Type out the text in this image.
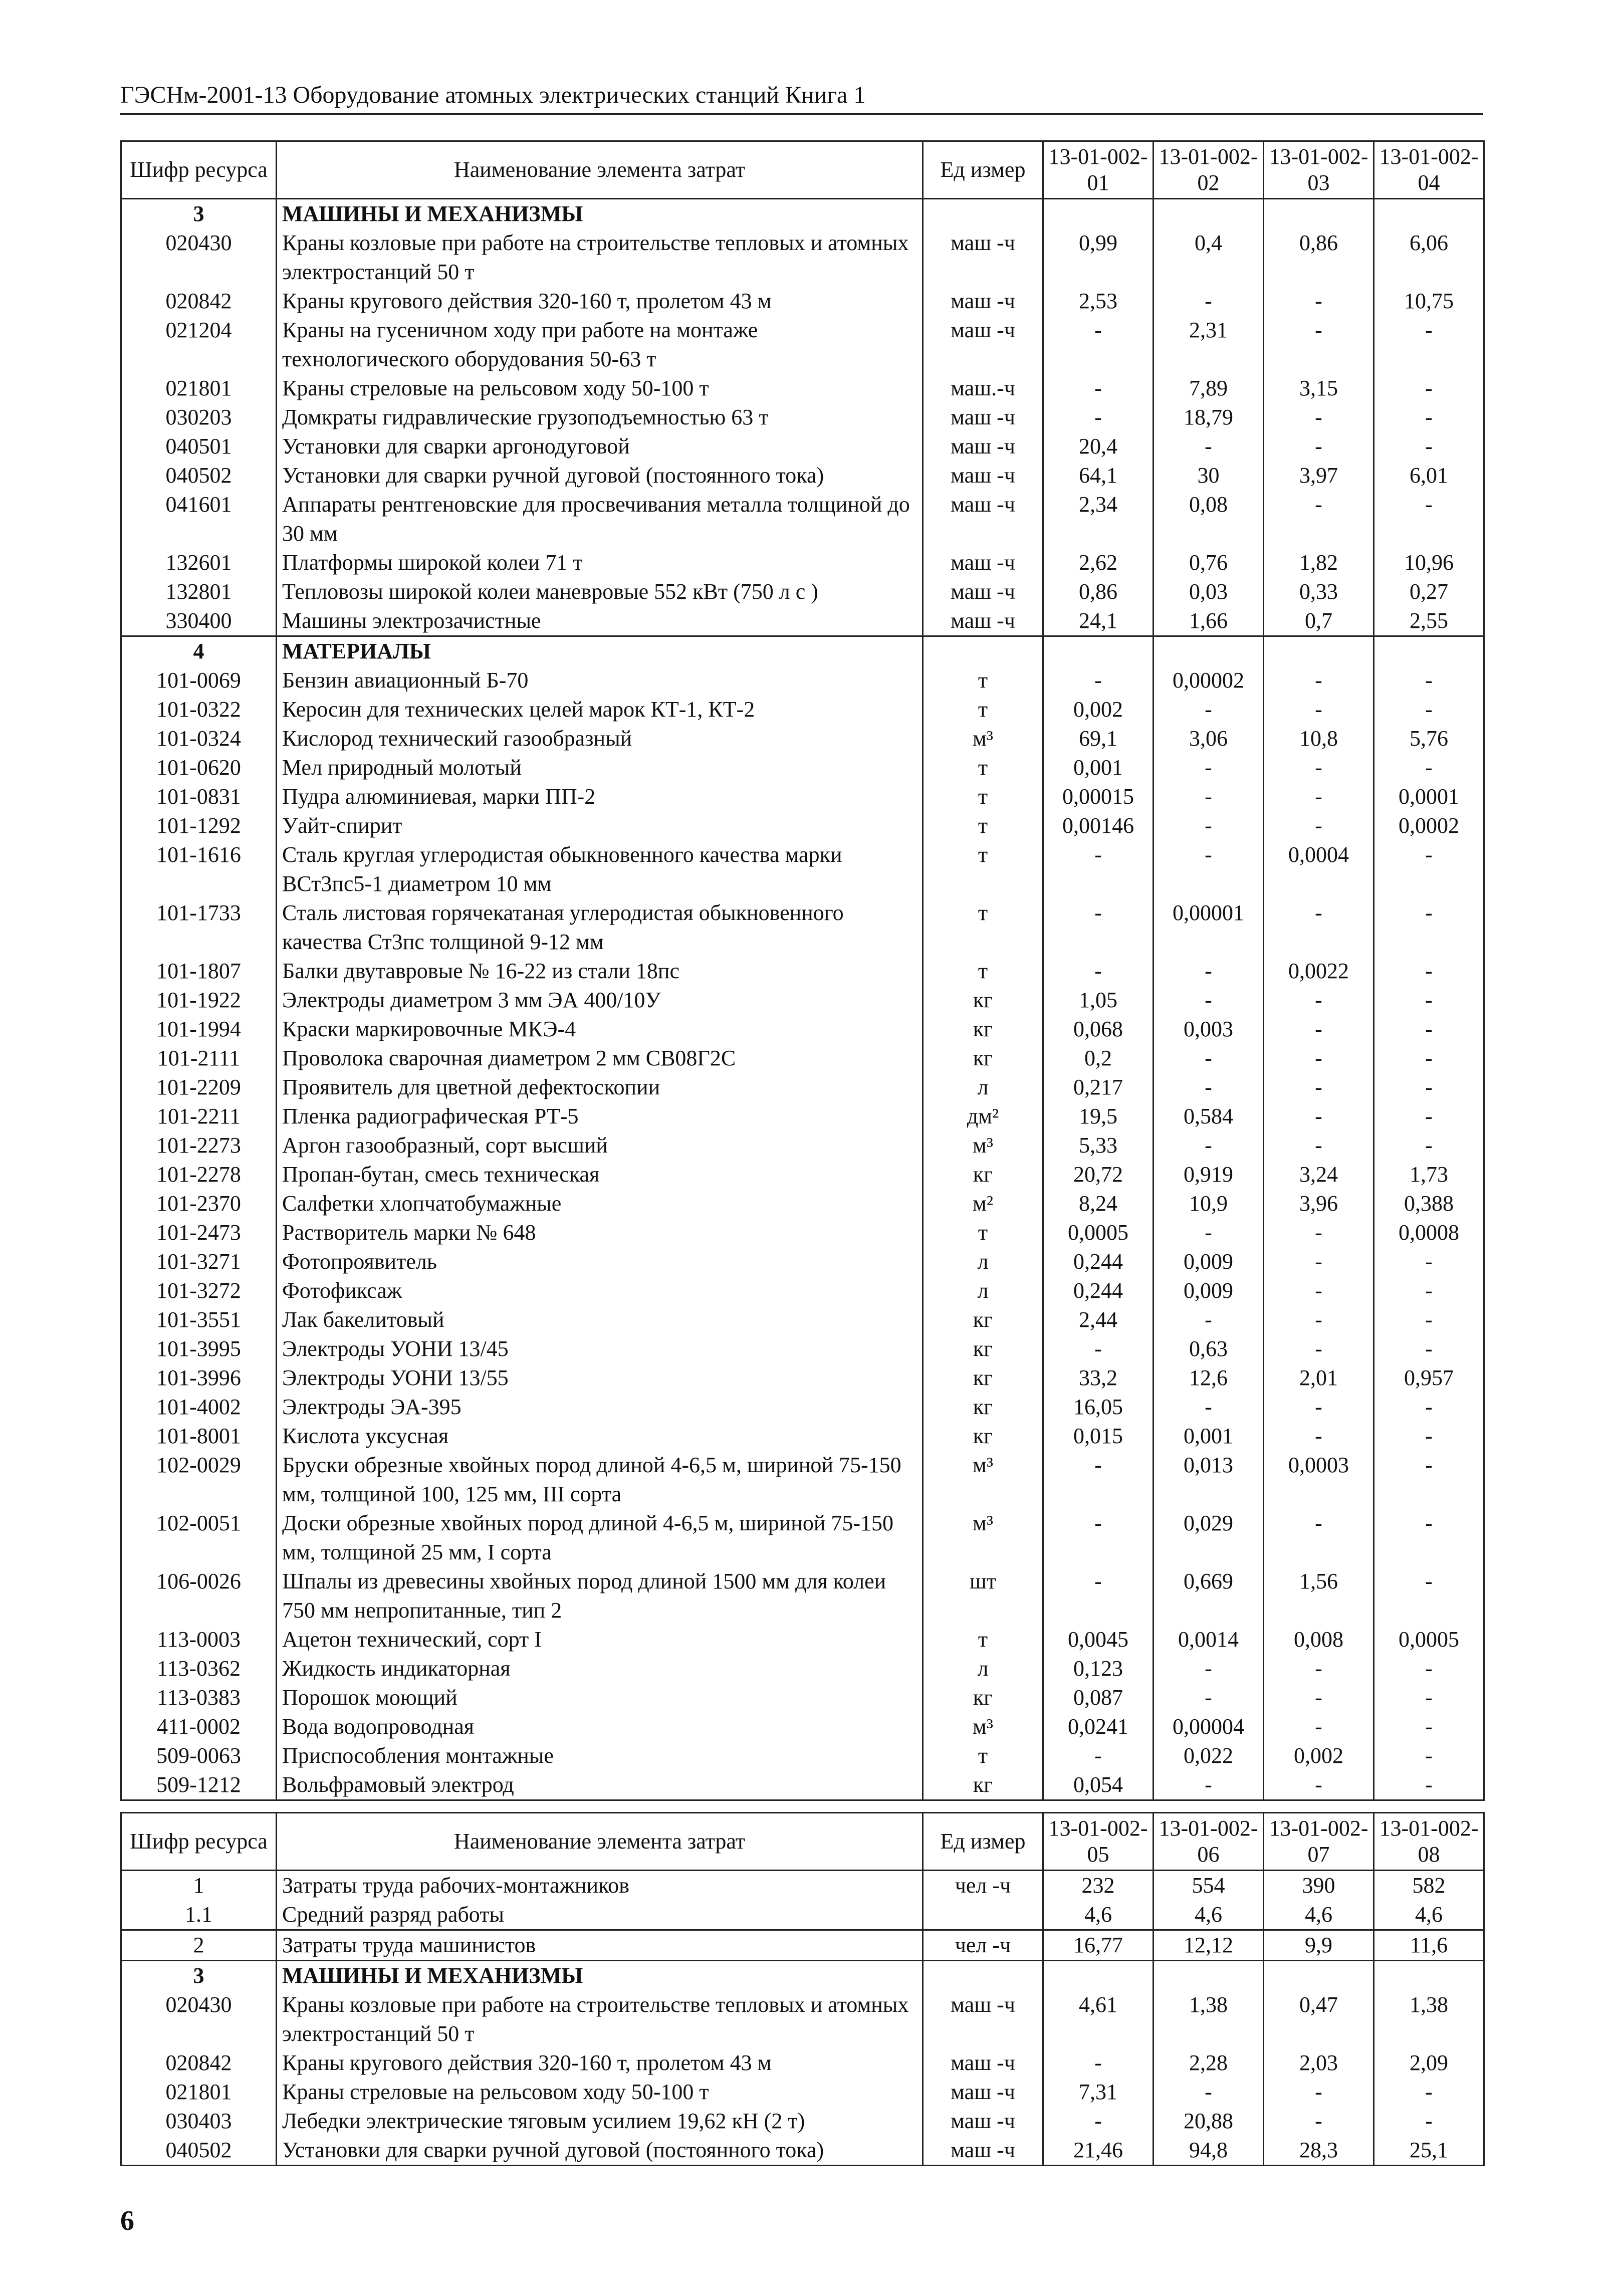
ГЭСНм-2001-13 Оборудование атомных электрических станций Книга 1
Шифр ресурса	Наименование элемента затрат	Ед измер	13-01-002-01	13-01-002-02	13-01-002-03	13-01-002-04
3	МАШИНЫ И МЕХАНИЗМЫ					
020430	Краны козловые при работе на строительстве тепловых и атомных электростанций 50 т	маш -ч	0,99	0,4	0,86	6,06
020842	Краны кругового действия 320-160 т, пролетом 43 м	маш -ч	2,53	-	-	10,75
021204	Краны на гусеничном ходу при работе на монтаже технологического оборудования 50-63 т	маш -ч	-	2,31	-	-
021801	Краны стреловые на рельсовом ходу 50-100 т	маш.-ч	-	7,89	3,15	-
030203	Домкраты гидравлические грузоподъемностью 63 т	маш -ч	-	18,79	-	-
040501	Установки для сварки аргонодуговой	маш -ч	20,4	-	-	-
040502	Установки для сварки ручной дуговой (постоянного тока)	маш -ч	64,1	30	3,97	6,01
041601	Аппараты рентгеновские для просвечивания металла толщиной до 30 мм	маш -ч	2,34	0,08	-	-
132601	Платформы широкой колеи 71 т	маш -ч	2,62	0,76	1,82	10,96
132801	Тепловозы широкой колеи маневровые 552 кВт (750 л с )	маш -ч	0,86	0,03	0,33	0,27
330400	Машины электрозачистные	маш -ч	24,1	1,66	0,7	2,55
4	МАТЕРИАЛЫ					
101-0069	Бензин авиационный Б-70	т	-	0,00002	-	-
101-0322	Керосин для технических целей марок КТ-1, КТ-2	т	0,002	-	-	-
101-0324	Кислород технический газообразный	м³	69,1	3,06	10,8	5,76
101-0620	Мел природный молотый	т	0,001	-	-	-
101-0831	Пудра алюминиевая, марки ПП-2	т	0,00015	-	-	0,0001
101-1292	Уайт-спирит	т	0,00146	-	-	0,0002
101-1616	Сталь круглая углеродистая обыкновенного качества марки ВСт3пс5-1 диаметром 10 мм	т	-	-	0,0004	-
101-1733	Сталь листовая горячекатаная углеродистая обыкновенного качества Ст3пс толщиной 9-12 мм	т	-	0,00001	-	-
101-1807	Балки двутавровые № 16-22 из стали 18пс	т	-	-	0,0022	-
101-1922	Электроды диаметром 3 мм ЭА 400/10У	кг	1,05	-	-	-
101-1994	Краски маркировочные МКЭ-4	кг	0,068	0,003	-	-
101-2111	Проволока сварочная диаметром 2 мм СВ08Г2С	кг	0,2	-	-	-
101-2209	Проявитель для цветной дефектоскопии	л	0,217	-	-	-
101-2211	Пленка радиографическая РТ-5	дм²	19,5	0,584	-	-
101-2273	Аргон газообразный, сорт высший	м³	5,33	-	-	-
101-2278	Пропан-бутан, смесь техническая	кг	20,72	0,919	3,24	1,73
101-2370	Салфетки хлопчатобумажные	м²	8,24	10,9	3,96	0,388
101-2473	Растворитель марки № 648	т	0,0005	-	-	0,0008
101-3271	Фотопроявитель	л	0,244	0,009	-	-
101-3272	Фотофиксаж	л	0,244	0,009	-	-
101-3551	Лак бакелитовый	кг	2,44	-	-	-
101-3995	Электроды УОНИ 13/45	кг	-	0,63	-	-
101-3996	Электроды УОНИ 13/55	кг	33,2	12,6	2,01	0,957
101-4002	Электроды ЭА-395	кг	16,05	-	-	-
101-8001	Кислота уксусная	кг	0,015	0,001	-	-
102-0029	Бруски обрезные хвойных пород длиной 4-6,5 м, шириной 75-150 мм, толщиной 100, 125 мм, III сорта	м³	-	0,013	0,0003	-
102-0051	Доски обрезные хвойных пород длиной 4-6,5 м, шириной 75-150 мм, толщиной 25 мм, I сорта	м³	-	0,029	-	-
106-0026	Шпалы из древесины хвойных пород длиной 1500 мм для колеи 750 мм непропитанные, тип 2	шт	-	0,669	1,56	-
113-0003	Ацетон технический, сорт I	т	0,0045	0,0014	0,008	0,0005
113-0362	Жидкость индикаторная	л	0,123	-	-	-
113-0383	Порошок моющий	кг	0,087	-	-	-
411-0002	Вода водопроводная	м³	0,0241	0,00004	-	-
509-0063	Приспособления монтажные	т	-	0,022	0,002	-
509-1212	Вольфрамовый электрод	кг	0,054	-	-	-
Шифр ресурса	Наименование элемента затрат	Ед измер	13-01-002-05	13-01-002-06	13-01-002-07	13-01-002-08
1	Затраты труда рабочих-монтажников	чел -ч	232	554	390	582
1.1	Средний разряд работы		4,6	4,6	4,6	4,6
2	Затраты труда машинистов	чел -ч	16,77	12,12	9,9	11,6
3	МАШИНЫ И МЕХАНИЗМЫ					
020430	Краны козловые при работе на строительстве тепловых и атомных электростанций 50 т	маш -ч	4,61	1,38	0,47	1,38
020842	Краны кругового действия 320-160 т, пролетом 43 м	маш -ч	-	2,28	2,03	2,09
021801	Краны стреловые на рельсовом ходу 50-100 т	маш -ч	7,31	-	-	-
030403	Лебедки электрические тяговым усилием 19,62 кН (2 т)	маш -ч	-	20,88	-	-
040502	Установки для сварки ручной дуговой (постоянного тока)	маш -ч	21,46	94,8	28,3	25,1
6
